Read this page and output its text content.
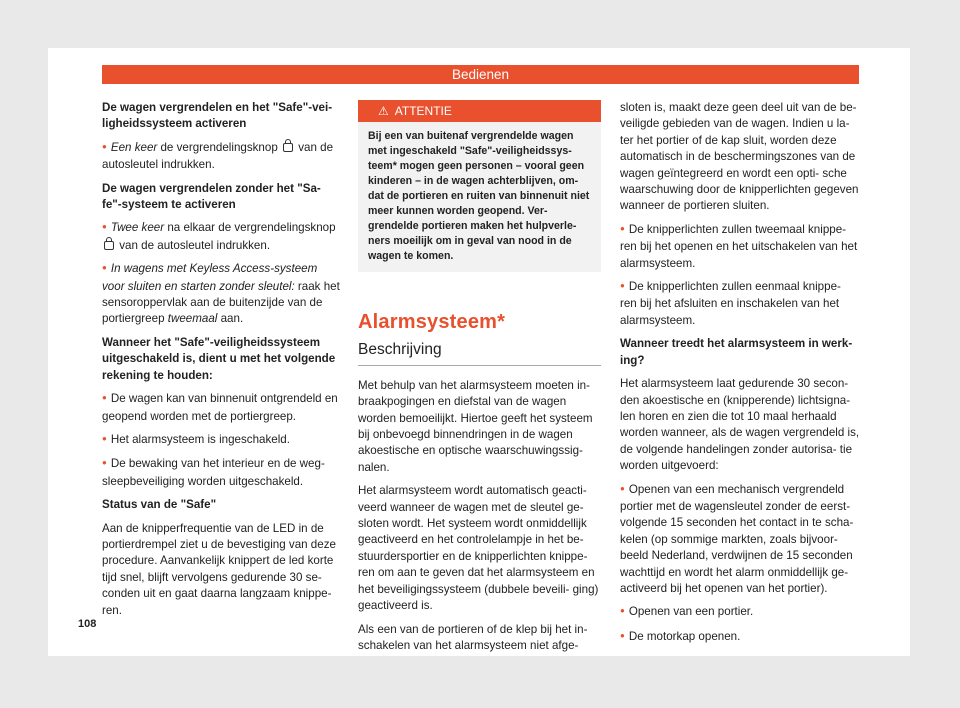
Bedienen

De wagen vergrendelen en het "Safe"-vei- ligheidssysteem activeren

● Een keer de vergrendelingsknop  van de autosleutel indrukken.

De wagen vergrendelen zonder het "Sa- fe"-systeem te activeren

● Twee keer na elkaar de vergrendelingsknop  van de autosleutel indrukken.

● In wagens met Keyless Access-systeem voor sluiten en starten zonder sleutel: raak het sensoroppervlak aan de buitenzijde van de portiergreep tweemaal aan.

Wanneer het "Safe"-veiligheidssysteem uitgeschakeld is, dient u met het volgende rekening te houden:

● De wagen kan van binnenuit ontgrendeld en geopend worden met de portiergreep.

● Het alarmsysteem is ingeschakeld.

● De bewaking van het interieur en de weg- sleepbeveiliging worden uitgeschakeld.

Status van de "Safe"

Aan de knipperfrequentie van de LED in de portierdrempel ziet u de bevestiging van deze procedure. Aanvankelijk knippert de led korte tijd snel, blijft vervolgens gedurende 30 se- conden uit en gaat daarna langzaam knippe- ren.

⚠ ATTENTIE
Bij een van buitenaf vergrendelde wagen met ingeschakeld "Safe"-veiligheidssys- teem* mogen geen personen – vooral geen kinderen – in de wagen achterblijven, om- dat de portieren en ruiten van binnenuit niet meer kunnen worden geopend. Ver- grendelde portieren maken het hulpverle- ners moeilijk om in geval van nood in de wagen te komen.
Alarmsysteem*
Beschrijving

Met behulp van het alarmsysteem moeten in- braakpogingen en diefstal van de wagen worden bemoeilijkt. Hiertoe geeft het systeem bij onbevoegd binnendringen in de wagen akoestische en optische waarschuwingssig- nalen.

Het alarmsysteem wordt automatisch geacti- veerd wanneer de wagen met de sleutel ge- sloten wordt. Het systeem wordt onmiddellijk geactiveerd en het controlelampje in het be- stuurdersportier en de knipperlichten knippe- ren om aan te geven dat het alarmsysteem en het beveiligingssysteem (dubbele beveili- ging) geactiveerd is.

Als een van de portieren of de klep bij het in- schakelen van het alarmsysteem niet afge-

sloten is, maakt deze geen deel uit van de be- veiligde gebieden van de wagen. Indien u la- ter het portier of de kap sluit, worden deze automatisch in de beschermingszones van de wagen geïntegreerd en wordt een opti- sche waarschuwing door de knipperlichten gegeven wanneer de portieren sluiten.

● De knipperlichten zullen tweemaal knippe- ren bij het openen en het uitschakelen van het alarmsysteem.

● De knipperlichten zullen eenmaal knippe- ren bij het afsluiten en inschakelen van het alarmsysteem.

Wanneer treedt het alarmsysteem in werk- ing?

Het alarmsysteem laat gedurende 30 secon- den akoestische en (knipperende) lichtsigna- len horen en zien die tot 10 maal herhaald worden wanneer, als de wagen vergrendeld is, de volgende handelingen zonder autorisa- tie worden uitgevoerd:

● Openen van een mechanisch vergrendeld portier met de wagensleutel zonder de eerst- volgende 15 seconden het contact in te scha- kelen (op sommige markten, zoals bijvoor- beeld Nederland, verdwijnen de 15 seconden wachttijd en wordt het alarm onmiddellijk ge- activeerd bij het openen van het portier).

● Openen van een portier.

● De motorkap openen.

108
